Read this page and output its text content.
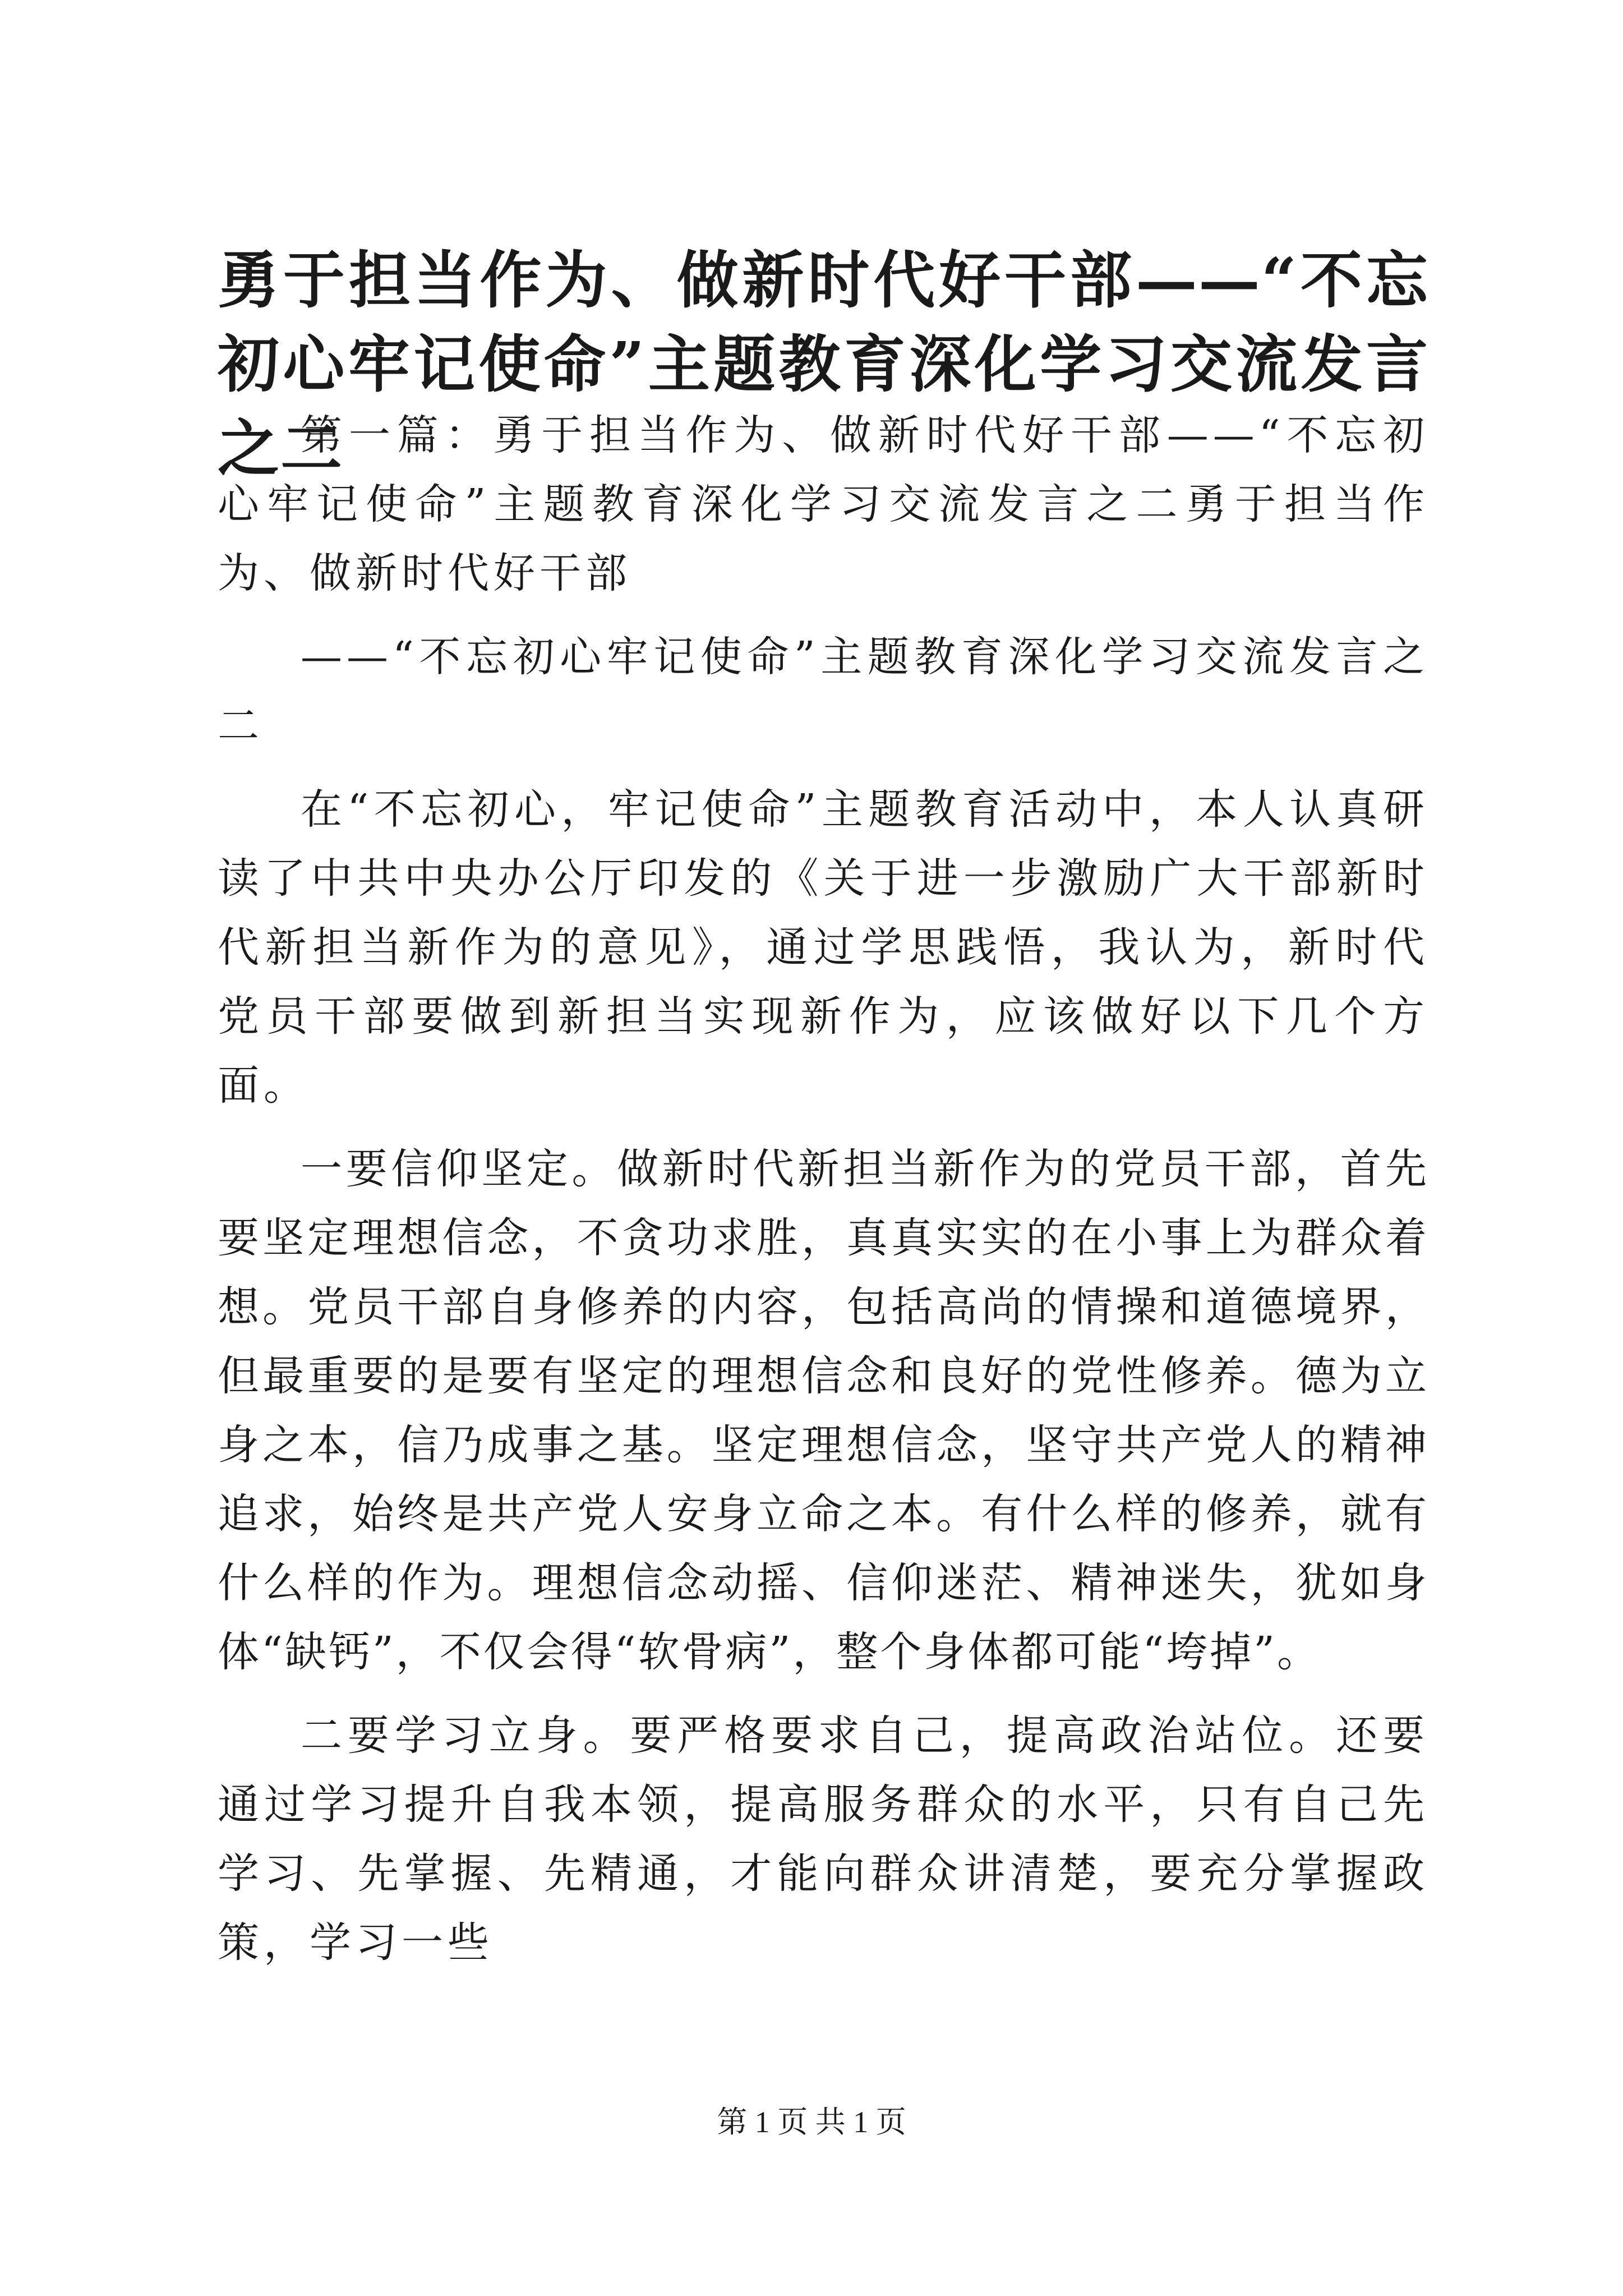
勇于担当作为、做新时代好干部——“不忘初心牢记使命”主题教育深化学习交流发言之二

第一篇：勇于担当作为、做新时代好干部——“不忘初心牢记使命”主题教育深化学习交流发言之二勇于担当作为、做新时代好干部

——“不忘初心牢记使命”主题教育深化学习交流发言之二

在“不忘初心，牢记使命”主题教育活动中，本人认真研读了中共中央办公厅印发的《关于进一步激励广大干部新时代新担当新作为的意见》，通过学思践悟，我认为，新时代党员干部要做到新担当实现新作为，应该做好以下几个方面。

一要信仰坚定。做新时代新担当新作为的党员干部，首先要坚定理想信念，不贪功求胜，真真实实的在小事上为群众着想。党员干部自身修养的内容，包括高尚的情操和道德境界，但最重要的是要有坚定的理想信念和良好的党性修养。德为立身之本，信乃成事之基。坚定理想信念，坚守共产党人的精神追求，始终是共产党人安身立命之本。有什么样的修养，就有什么样的作为。理想信念动摇、信仰迷茫、精神迷失，犹如身体“缺钙”，不仅会得“软骨病”，整个身体都可能“垮掉”。

二要学习立身。要严格要求自己，提高政治站位。还要通过学习提升自我本领，提高服务群众的水平，只有自己先学习、先掌握、先精通，才能向群众讲清楚，要充分掌握政策，学习一些

第 1 页 共 1 页
